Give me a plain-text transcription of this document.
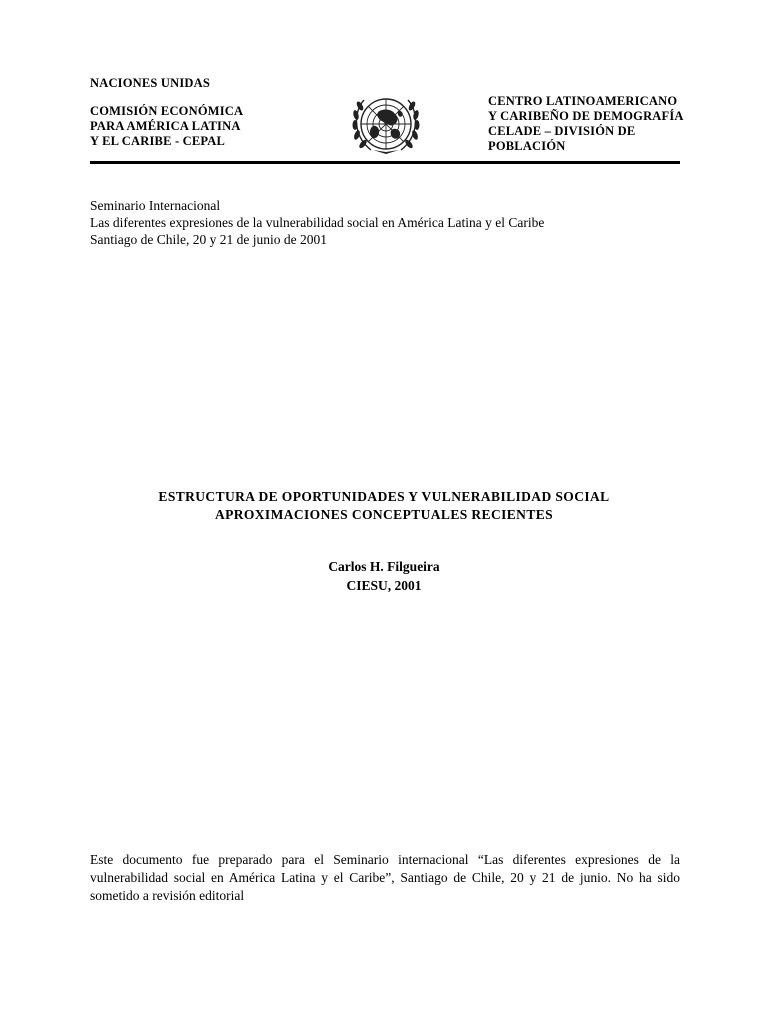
NACIONES UNIDAS
COMISIÓN ECONÓMICA
PARA AMÉRICA LATINA
Y EL CARIBE - CEPAL
CENTRO LATINOAMERICANO
Y CARIBEÑO DE DEMOGRAFÍA
CELADE – DIVISIÓN DE
POBLACIÓN
Seminario Internacional
Las diferentes expresiones de la vulnerabilidad social en América Latina y el Caribe
Santiago de Chile, 20 y 21 de junio de 2001
ESTRUCTURA DE OPORTUNIDADES Y VULNERABILIDAD SOCIAL
APROXIMACIONES CONCEPTUALES RECIENTES
Carlos H. Filgueira
CIESU, 2001
Este documento fue preparado para el Seminario internacional “Las diferentes expresiones de la vulnerabilidad social en América Latina y el Caribe”, Santiago de Chile, 20 y 21 de junio. No ha sido sometido a revisión editorial
